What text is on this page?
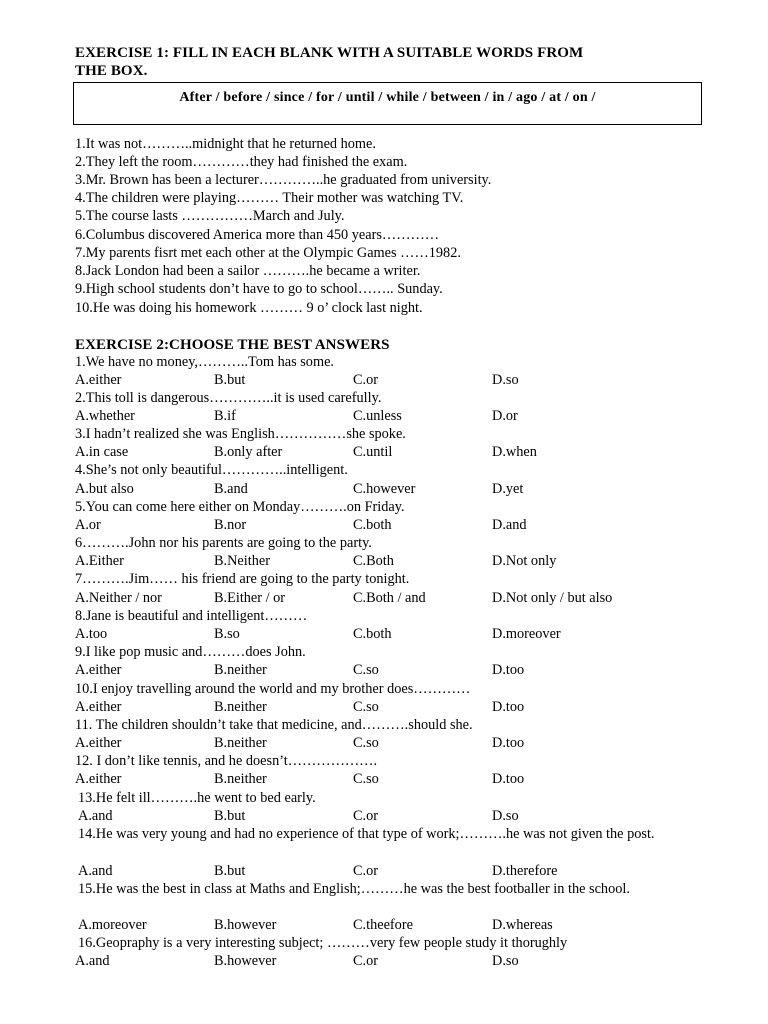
EXERCISE 1: FILL IN EACH BLANK WITH A SUITABLE WORDS FROM
THE BOX.
After / before / since / for / until / while / between / in / ago / at / on /
1.It was not………..midnight that he returned home.
2.They left the room…………they had finished the exam.
3.Mr. Brown has been a lecturer…………..he graduated from university.
4.The children were playing……… Their mother was watching TV.
5.The course lasts ……………March and July.
6.Columbus discovered America more than 450 years…………
7.My parents fisrt met each other at the Olympic Games ……1982.
8.Jack London had been a sailor ……….he became a writer.
9.High school students don’t have to go to school…….. Sunday.
10.He was doing his homework ……… 9 o’ clock last night.
EXERCISE 2:CHOOSE THE BEST ANSWERS
1.We have no money,………..Tom has some.
A.either	B.but	C.or	D.so
2.This toll is dangerous…………..it is used carefully.
A.whether	B.if	C.unless	D.or
3.I hadn’t realized she was English……………she spoke.
A.in case	B.only after	C.until	D.when
4.She’s not only beautiful…………..intelligent.
A.but also	B.and	C.however	D.yet
5.You can come here either on Monday……….on Friday.
A.or	B.nor	C.both	D.and
6……….John nor his parents are going to the party.
A.Either	B.Neither	C.Both	D.Not only
7……….Jim…… his friend are going to the party tonight.
A.Neither / nor	B.Either / or	C.Both / and	D.Not only / but also
8.Jane is beautiful and intelligent………
A.too	B.so	C.both	D.moreover
9.I like pop music and………does John.
A.either	B.neither	C.so	D.too
10.I enjoy travelling around the world and my brother does…………
A.either	B.neither	C.so	D.too
11. The children shouldn’t take that medicine, and……….should she.
A.either	B.neither	C.so	D.too
12. I don’t like tennis, and he doesn’t……………….
A.either	B.neither	C.so	D.too
13.He felt ill……….he went to bed early.
A.and	B.but	C.or	D.so
14.He was very young and had no experience of that type of work;……….he was not given the post.
A.and	B.but	C.or	D.therefore
15.He was the best in class at Maths and English;………he was the best footballer in the school.
A.moreover	B.however	C.theefore	D.whereas
16.Geopraphy is a very interesting subject; ………very few people study it thorughly
A.and	B.however	C.or	D.so
